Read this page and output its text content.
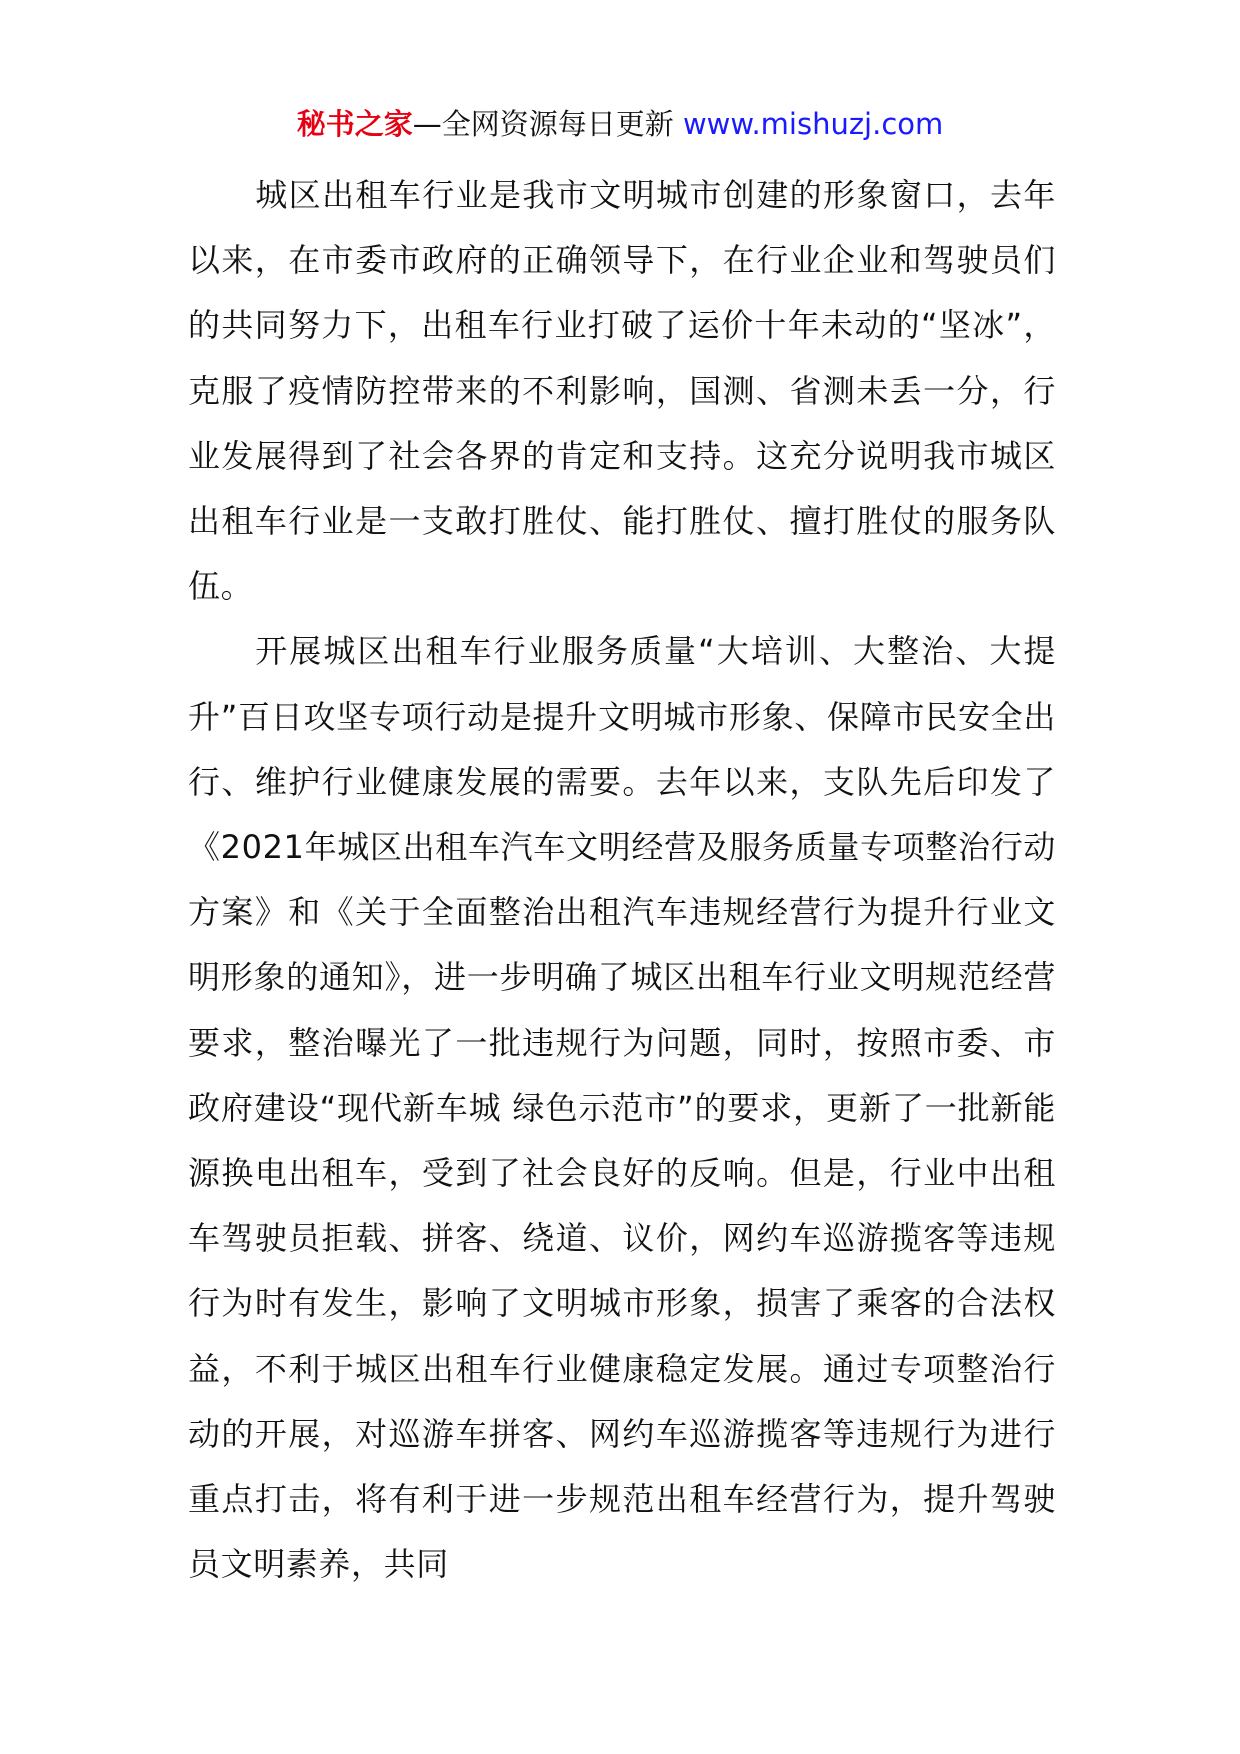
秘书之家—全网资源每日更新 www.mishuzj.com

城区出租车行业是我市文明城市创建的形象窗口，去年以来，在市委市政府的正确领导下，在行业企业和驾驶员们的共同努力下，出租车行业打破了运价十年未动的“坚冰”，克服了疫情防控带来的不利影响，国测、省测未丢一分，行业发展得到了社会各界的肯定和支持。这充分说明我市城区出租车行业是一支敢打胜仗、能打胜仗、擅打胜仗的服务队伍。

开展城区出租车行业服务质量“大培训、大整治、大提升”百日攻坚专项行动是提升文明城市形象、保障市民安全出行、维护行业健康发展的需要。去年以来，支队先后印发了《2021年城区出租车汽车文明经营及服务质量专项整治行动方案》和《关于全面整治出租汽车违规经营行为提升行业文明形象的通知》，进一步明确了城区出租车行业文明规范经营要求，整治曝光了一批违规行为问题，同时，按照市委、市政府建设“现代新车城 绿色示范市”的要求，更新了一批新能源换电出租车，受到了社会良好的反响。但是，行业中出租车驾驶员拒载、拼客、绕道、议价，网约车巡游揽客等违规行为时有发生，影响了文明城市形象，损害了乘客的合法权益，不利于城区出租车行业健康稳定发展。通过专项整治行动的开展，对巡游车拼客、网约车巡游揽客等违规行为进行重点打击，将有利于进一步规范出租车经营行为，提升驾驶员文明素养，共同
